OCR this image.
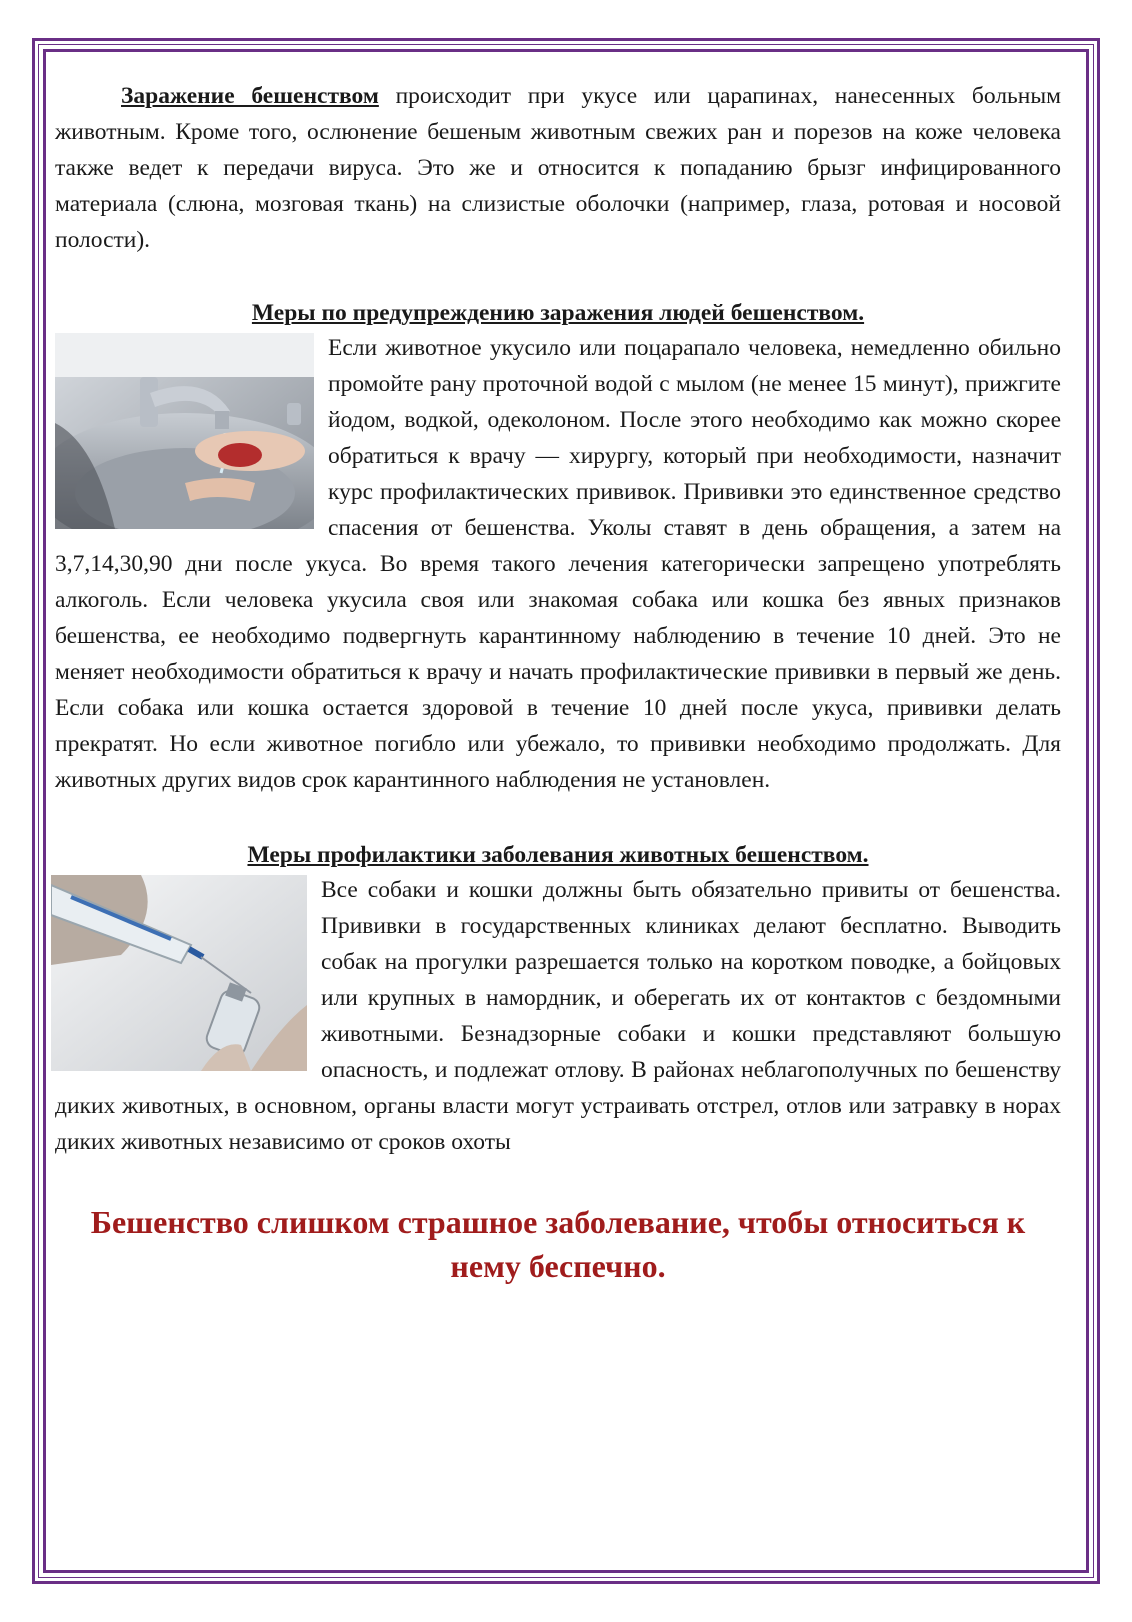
Заражение бешенством происходит при укусе или царапинах, нанесенных больным животным. Кроме того, ослюнение бешеным животным свежих ран и порезов на коже человека также ведет к передачи вируса. Это же и относится к попаданию брызг инфицированного материала (слюна, мозговая ткань) на слизистые оболочки (например, глаза, ротовая и носовой полости).

Меры по предупреждению заражения людей бешенством.

Если животное укусило или поцарапало человека, немедленно обильно промойте рану проточной водой с мылом (не менее 15 минут), прижгите йодом, водкой, одеколоном. После этого необходимо как можно скорее обратиться к врачу — хирургу, который при необходимости, назначит курс профилактических прививок. Прививки это единственное средство спасения от бешенства. Уколы ставят в день обращения, а затем на 3,7,14,30,90 дни после укуса. Во время такого лечения категорически запрещено употреблять алкоголь. Если человека укусила своя или знакомая собака или кошка без явных признаков бешенства, ее необходимо подвергнуть карантинному наблюдению в течение 10 дней. Это не меняет необходимости обратиться к врачу и начать профилактические прививки в первый же день. Если собака или кошка остается здоровой в течение 10 дней после укуса, прививки делать прекратят. Но если животное погибло или убежало, то прививки необходимо продолжать. Для животных других видов срок карантинного наблюдения не установлен.

Меры профилактики заболевания животных бешенством.

Все собаки и кошки должны быть обязательно привиты от бешенства. Прививки в государственных клиниках делают бесплатно. Выводить собак на прогулки разрешается только на коротком поводке, а бойцовых или крупных в намордник, и оберегать их от контактов с бездомными животными. Безнадзорные собаки и кошки представляют большую опасность, и подлежат отлову. В районах неблагополучных по бешенству диких животных, в основном, органы власти могут устраивать отстрел, отлов или затравку в норах диких животных независимо от сроков охоты

Бешенство слишком страшное заболевание, чтобы относиться к нему беспечно.
